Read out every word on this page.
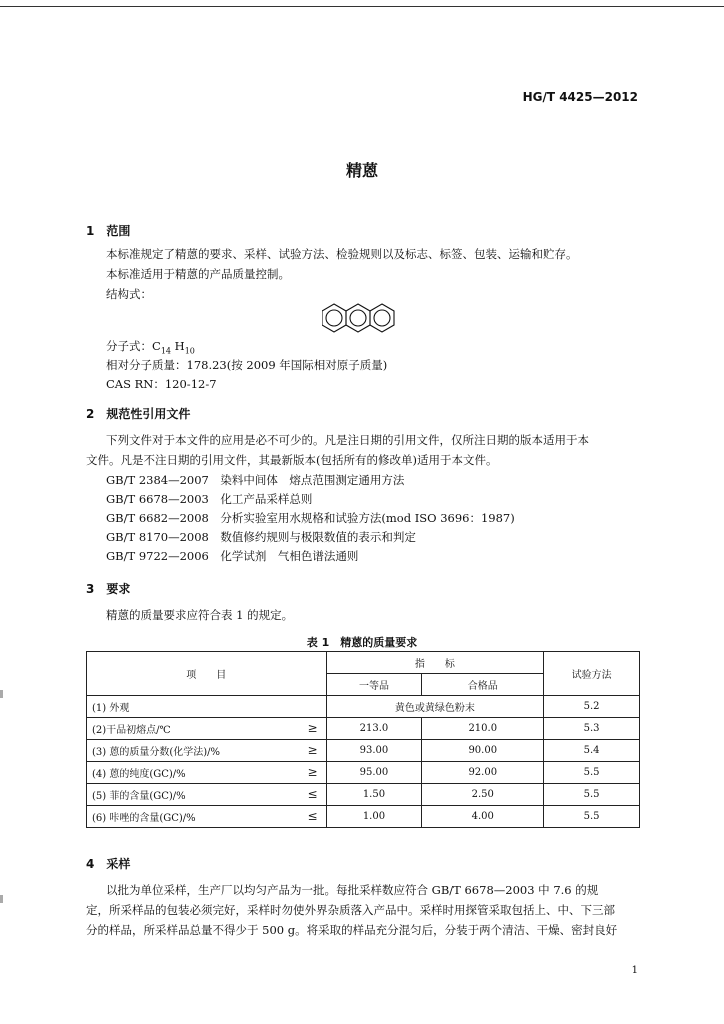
HG/T 4425—2012
精蒽
1　范围
本标准规定了精蒽的要求、采样、试验方法、检验规则以及标志、标签、包装、运输和贮存。
本标准适用于精蒽的产品质量控制。
结构式：
分子式：$C_{14}$ $H_{10}$
相对分子质量：178.23(按 2009 年国际相对原子质量)
CAS RN：120-12-7
2　规范性引用文件
下列文件对于本文件的应用是必不可少的。凡是注日期的引用文件，仅所注日期的版本适用于本
文件。凡是不注日期的引用文件，其最新版本(包括所有的修改单)适用于本文件。
GB/T 2384—2007　 染料中间体　熔点范围测定通用方法
GB/T 6678—2003　 化工产品采样总则
GB/T 6682—2008　 分析实验室用水规格和试验方法(mod ISO 3696：1987)
GB/T 8170—2008　 数值修约规则与极限数值的表示和判定
GB/T 9722—2006　 化学试剂　气相色谱法通则
3　要求
精蒽的质量要求应符合表 1 的规定。
表 1　精蒽的质量要求
项　　目	指　　标		试验方法
	一等品	合格品	
(1) 外观	黄色或黄绿色粉末		5.2
(2)干品初熔点/℃ ≥	213.0	210.0	5.3
(3) 蒽的质量分数(化学法)/% ≥	93.00	90.00	5.4
(4) 蒽的纯度(GC)/% ≥	95.00	92.00	5.5
(5) 菲的含量(GC)/% ≤	1.50	2.50	5.5
(6) 咔唑的含量(GC)/% ≤	1.00	4.00	5.5
4　采样
以批为单位采样，生产厂以均匀产品为一批。每批采样数应符合 GB/T 6678—2003 中 7.6 的规
定，所采样品的包装必须完好，采样时勿使外界杂质落入产品中。采样时用探管采取包括上、中、下三部
分的样品，所采样品总量不得少于 500 g。将采取的样品充分混匀后，分装于两个清洁、干燥、密封良好
1
